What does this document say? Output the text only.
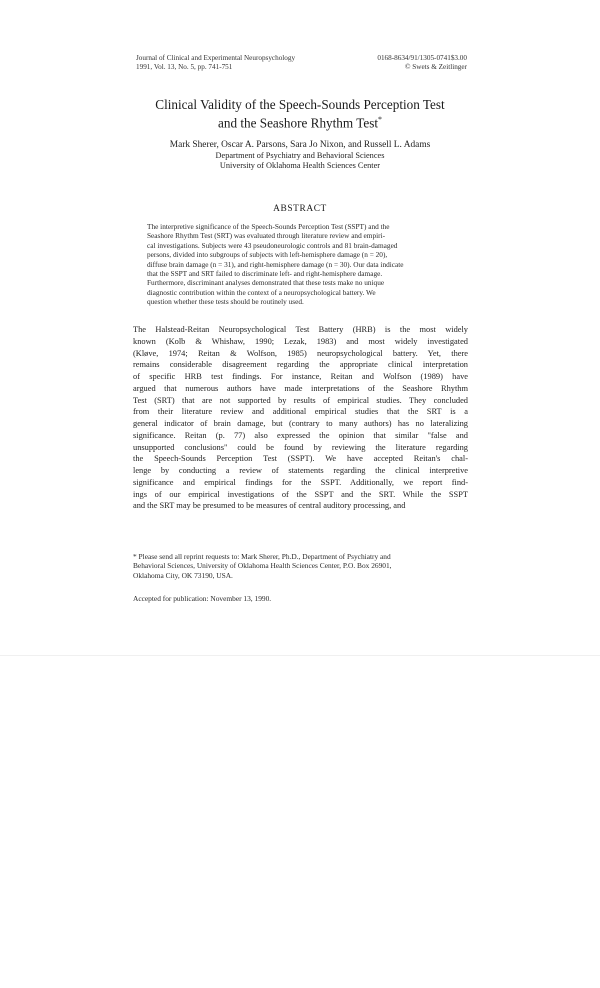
Journal of Clinical and Experimental Neuropsychology
1991, Vol. 13, No. 5, pp. 741-751
0168-8634/91/1305-0741$3.00
© Swets & Zeitlinger
Clinical Validity of the Speech-Sounds Perception Test
and the Seashore Rhythm Test*
Mark Sherer, Oscar A. Parsons, Sara Jo Nixon, and Russell L. Adams
Department of Psychiatry and Behavioral Sciences
University of Oklahoma Health Sciences Center
ABSTRACT
The interpretive significance of the Speech-Sounds Perception Test (SSPT) and the
Seashore Rhythm Test (SRT) was evaluated through literature review and empiri-
cal investigations. Subjects were 43 pseudoneurologic controls and 81 brain-damaged
persons, divided into subgroups of subjects with left-hemisphere damage (n = 20),
diffuse brain damage (n = 31), and right-hemisphere damage (n = 30). Our data indicate
that the SSPT and SRT failed to discriminate left- and right-hemisphere damage.
Furthermore, discriminant analyses demonstrated that these tests make no unique
diagnostic contribution within the context of a neuropsychological battery. We
question whether these tests should be routinely used.
The Halstead-Reitan Neuropsychological Test Battery (HRB) is the most widely
known (Kolb & Whishaw, 1990; Lezak, 1983) and most widely investigated
(Kløve, 1974; Reitan & Wolfson, 1985) neuropsychological battery. Yet, there
remains considerable disagreement regarding the appropriate clinical interpretation
of specific HRB test findings. For instance, Reitan and Wolfson (1989) have
argued that numerous authors have made interpretations of the Seashore Rhythm
Test (SRT) that are not supported by results of empirical studies. They concluded
from their literature review and additional empirical studies that the SRT is a
general indicator of brain damage, but (contrary to many authors) has no lateralizing
significance. Reitan (p. 77) also expressed the opinion that similar "false and
unsupported conclusions" could be found by reviewing the literature regarding
the Speech-Sounds Perception Test (SSPT). We have accepted Reitan's chal-
lenge by conducting a review of statements regarding the clinical interpretive
significance and empirical findings for the SSPT. Additionally, we report find-
ings of our empirical investigations of the SSPT and the SRT. While the SSPT
and the SRT may be presumed to be measures of central auditory processing, and
* Please send all reprint requests to: Mark Sherer, Ph.D., Department of Psychiatry and
Behavioral Sciences, University of Oklahoma Health Sciences Center, P.O. Box 26901,
Oklahoma City, OK 73190, USA.
Accepted for publication: November 13, 1990.
